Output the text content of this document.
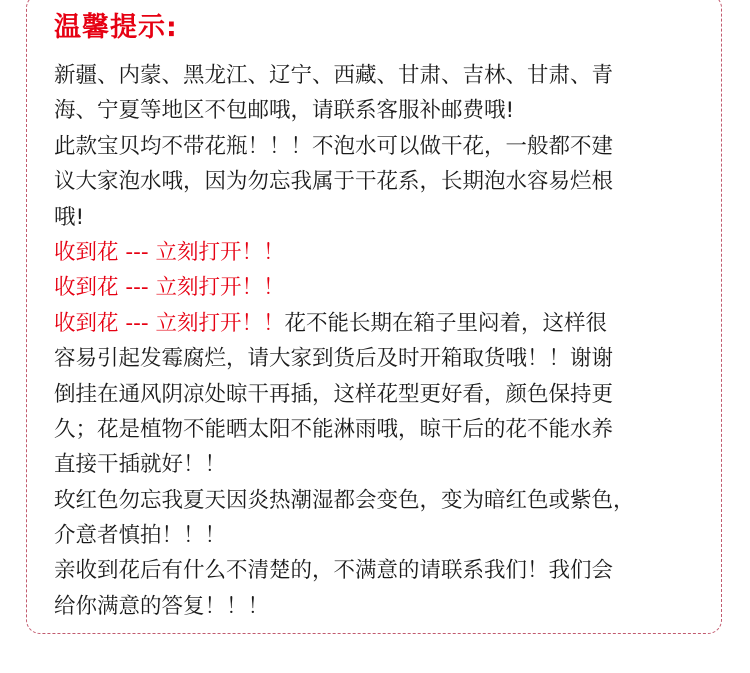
温馨提示:
新疆、内蒙、黑龙江、辽宁、西藏、甘肃、吉林、甘肃、青
海、宁夏等地区不包邮哦，请联系客服补邮费哦!
此款宝贝均不带花瓶！！！不泡水可以做干花，一般都不建
议大家泡水哦，因为勿忘我属于干花系，长期泡水容易烂根
哦!
收到花 --- 立刻打开！！
收到花 --- 立刻打开！！
收到花 --- 立刻打开！！花不能长期在箱子里闷着，这样很
容易引起发霉腐烂，请大家到货后及时开箱取货哦！！谢谢
倒挂在通风阴凉处晾干再插，这样花型更好看，颜色保持更
久；花是植物不能晒太阳不能淋雨哦，晾干后的花不能水养
直接干插就好！！
玫红色勿忘我夏天因炎热潮湿都会变色，变为暗红色或紫色，
介意者慎拍！！！
亲收到花后有什么不清楚的，不满意的请联系我们！我们会
给你满意的答复！！！
